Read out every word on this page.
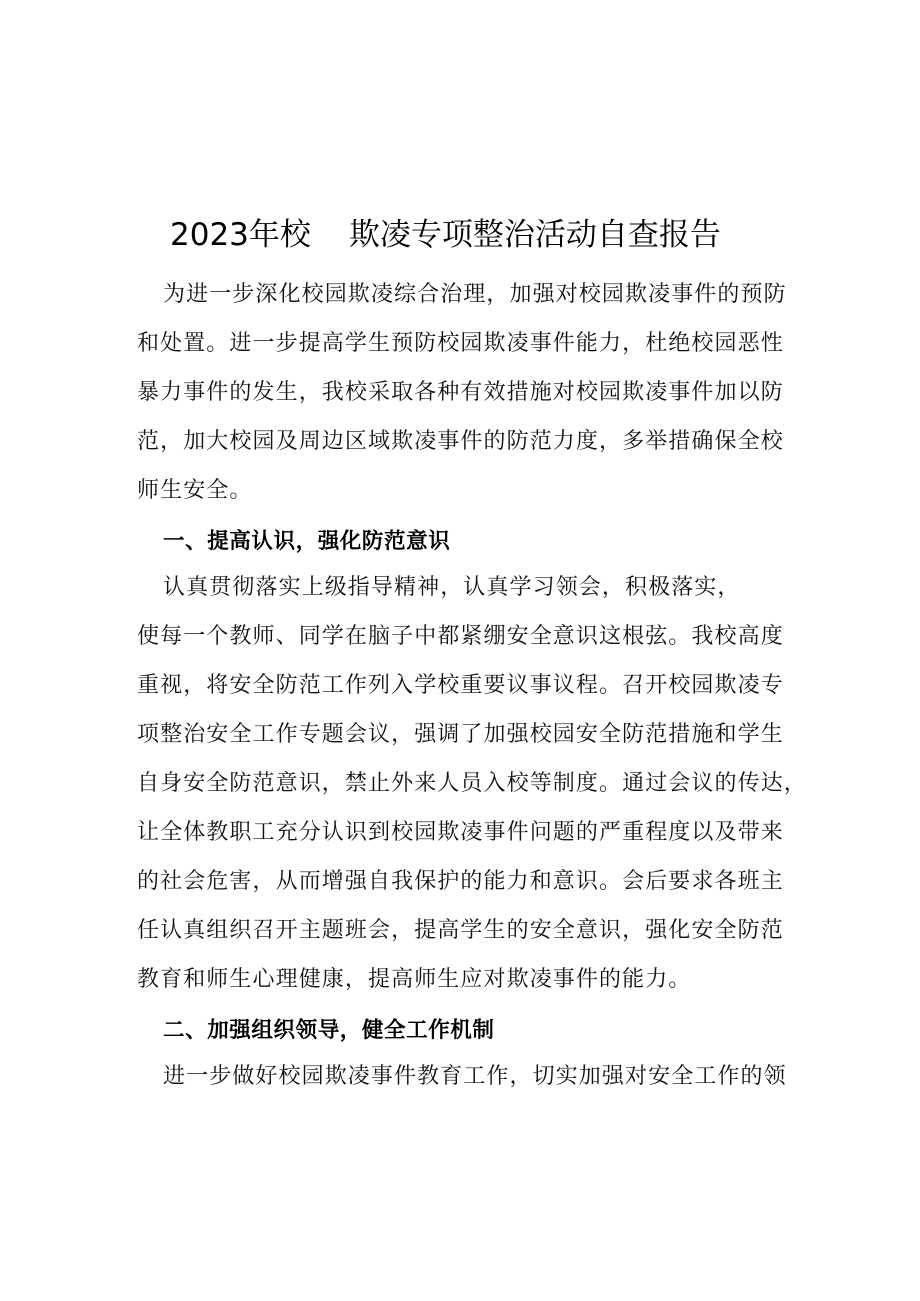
2023年校 欺凌专项整治活动自查报告
为进一步深化校园欺凌综合治理，加强对校园欺凌事件的预防
和处置。进一步提高学生预防校园欺凌事件能力，杜绝校园恶性
暴力事件的发生，我校采取各种有效措施对校园欺凌事件加以防
范，加大校园及周边区域欺凌事件的防范力度，多举措确保全校
师生安全。
一、提高认识，强化防范意识
认真贯彻落实上级指导精神，认真学习领会，积极落实，
使每一个教师、同学在脑子中都紧绷安全意识这根弦。我校高度
重视，将安全防范工作列入学校重要议事议程。召开校园欺凌专
项整治安全工作专题会议，强调了加强校园安全防范措施和学生
自身安全防范意识，禁止外来人员入校等制度。通过会议的传达，
让全体教职工充分认识到校园欺凌事件问题的严重程度以及带来
的社会危害，从而增强自我保护的能力和意识。会后要求各班主
任认真组织召开主题班会，提高学生的安全意识，强化安全防范
教育和师生心理健康，提高师生应对欺凌事件的能力。
二、加强组织领导，健全工作机制
进一步做好校园欺凌事件教育工作，切实加强对安全工作的领
